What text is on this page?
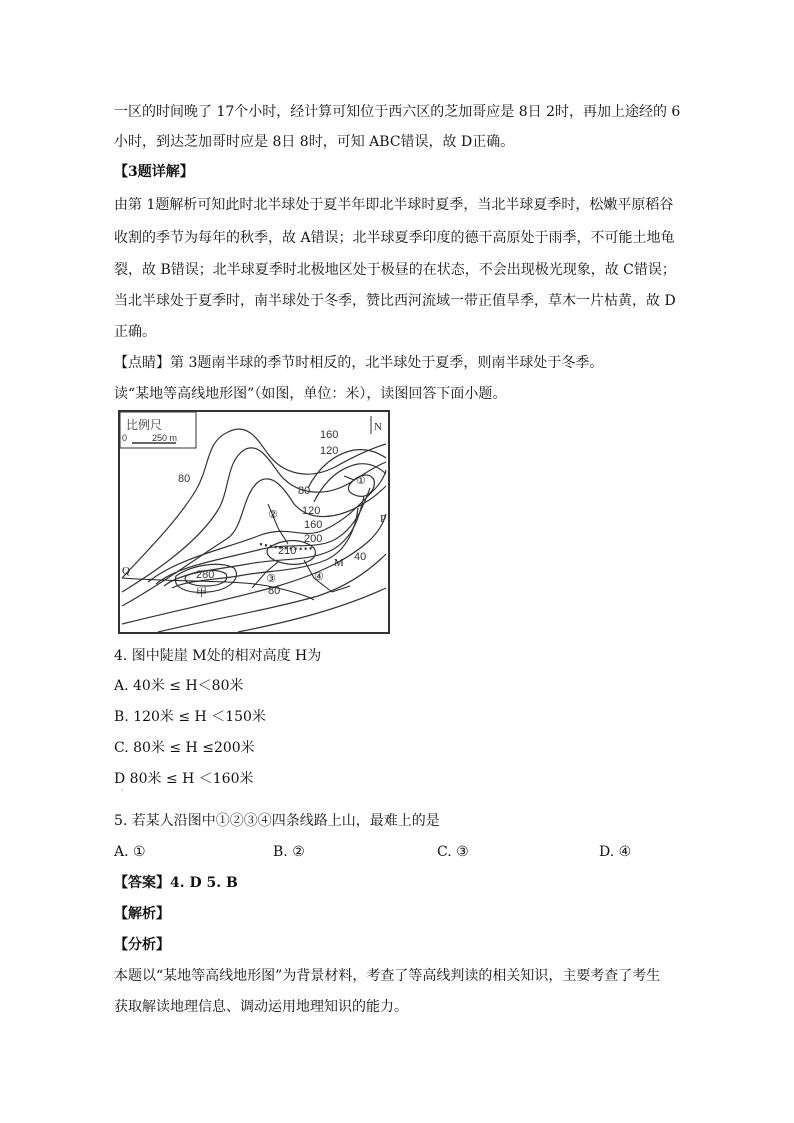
一区的时间晚了 17个小时，经计算可知位于西六区的芝加哥应是 8日 2时，再加上途经的 6
小时，到达芝加哥时应是 8日 8时，可知 ABC错误，故 D正确。
【3题详解】
由第 1题解析可知此时北半球处于夏半年即北半球时夏季，当北半球夏季时，松嫩平原稻谷
收割的季节为每年的秋季，故 A错误；北半球夏季印度的德干高原处于雨季，不可能土地龟
裂，故 B错误；北半球夏季时北极地区处于极昼的在状态，不会出现极光现象，故 C错误；
当北半球处于夏季时，南半球处于冬季，赞比西河流域一带正值旱季，草木一片枯黄，故 D
正确。
【点睛】第 3题南半球的季节时相反的，北半球处于夏季，则南半球处于冬季。
读“某地等高线地形图”（如图，单位：米），读图回答下面小题。
比例尺
0	250 m
N
80
160
120
80
120
160
200
210
280
40
80
①
②
③	④
P
Q
M
甲
4. 图中陡崖 M处的相对高度 H为
A. 40米 ≤ H＜80米
B. 120米 ≤ H ＜150米
C. 80米 ≤ H ≤200米
D 80米 ≤ H ＜160米
·
5. 若某人沿图中①②③④四条线路上山，最难上的是
A. ①	B. ②	C. ③	D. ④
【答案】4. D 5. B
【解析】
【分析】
本题以“某地等高线地形图”为背景材料，考查了等高线判读的相关知识，主要考查了考生
获取解读地理信息、调动运用地理知识的能力。
